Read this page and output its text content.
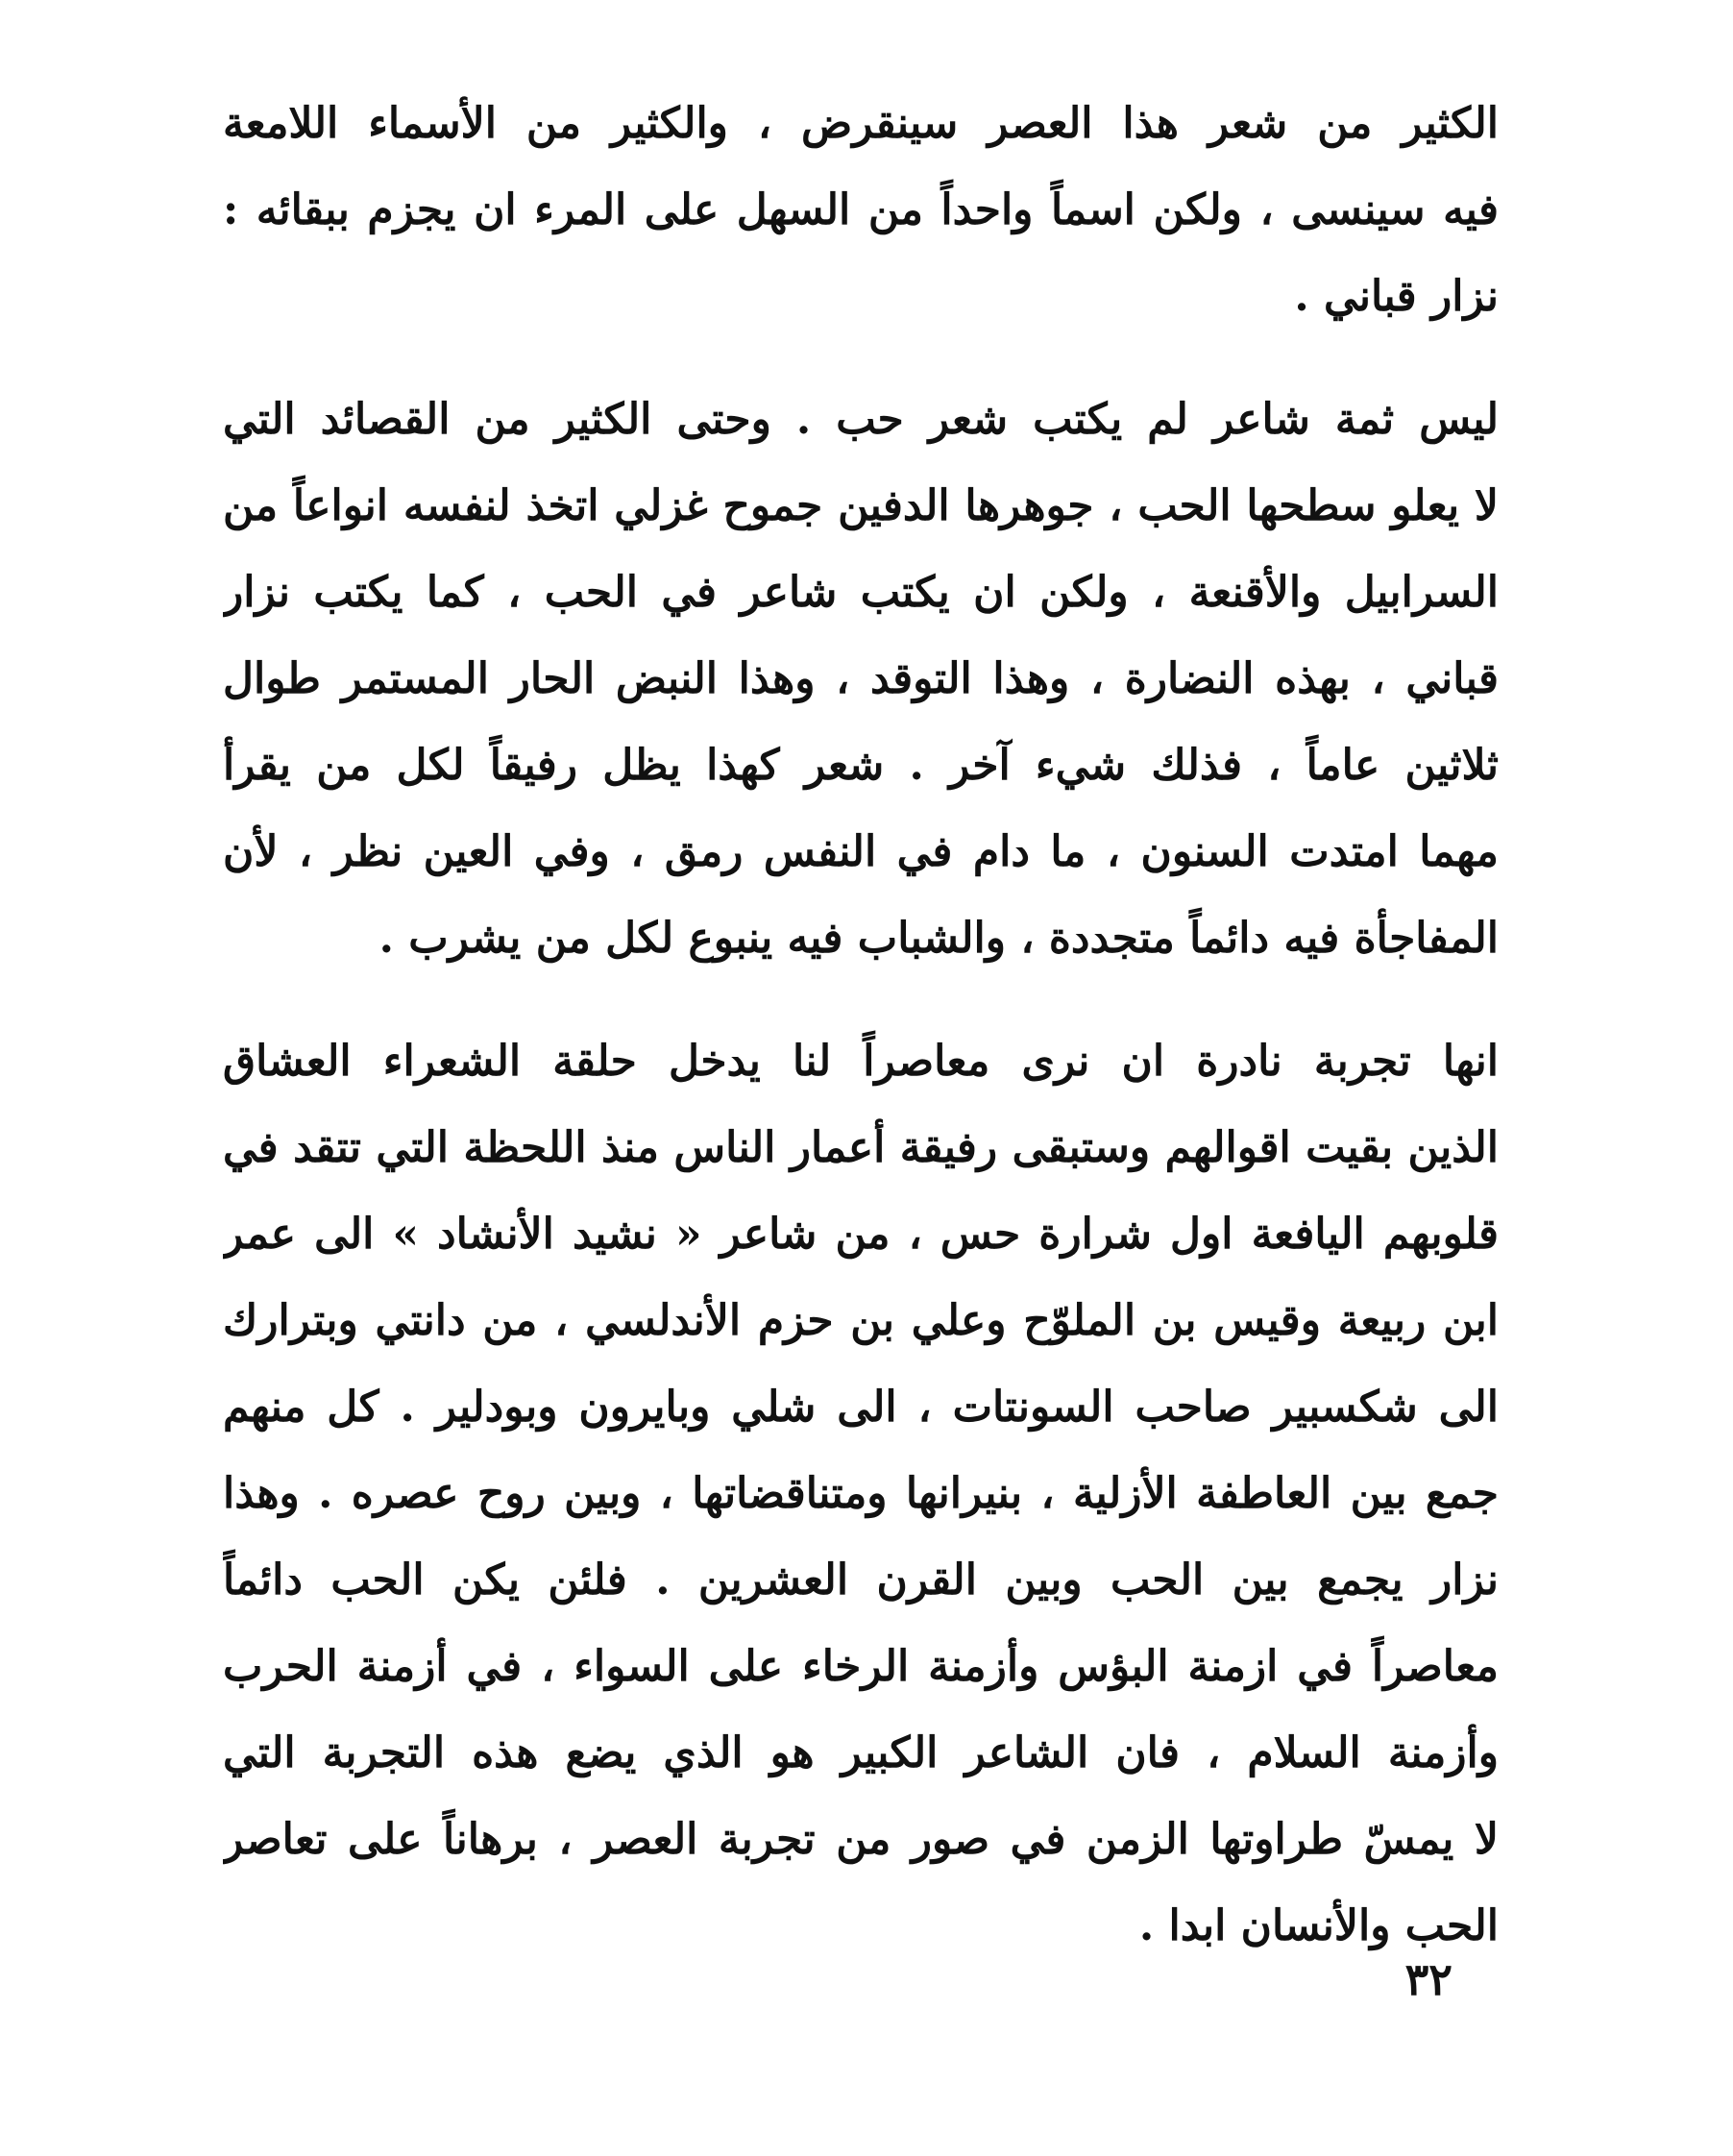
الكثير من شعر هذا العصر سينقرض ، والكثير من الأسماء اللامعة
فيه سينسى ، ولكن اسماً واحداً من السهل على المرء ان يجزم ببقائه :
نزار قباني .
ليس ثمة شاعر لم يكتب شعر حب . وحتى الكثير من القصائد التي
لا يعلو سطحها الحب ، جوهرها الدفين جموح غزلي اتخذ لنفسه انواعاً من
السرابيل والأقنعة ، ولكن ان يكتب شاعر في الحب ، كما يكتب نزار
قباني ، بهذه النضارة ، وهذا التوقد ، وهذا النبض الحار المستمر طوال
ثلاثين عاماً ، فذلك شيء آخر . شعر كهذا يظل رفيقاً لكل من يقرأ
مهما امتدت السنون ، ما دام في النفس رمق ، وفي العين نظر ، لأن
المفاجأة فيه دائماً متجددة ، والشباب فيه ينبوع لكل من يشرب .
انها تجربة نادرة ان نرى معاصراً لنا يدخل حلقة الشعراء العشاق
الذين بقيت اقوالهم وستبقى رفيقة أعمار الناس منذ اللحظة التي تتقد في
قلوبهم اليافعة اول شرارة حس ، من شاعر « نشيد الأنشاد » الى عمر
ابن ربيعة وقيس بن الملوّح وعلي بن حزم الأندلسي ، من دانتي وبترارك
الى شكسبير صاحب السونتات ، الى شلي وبايرون وبودلير . كل منهم
جمع بين العاطفة الأزلية ، بنيرانها ومتناقضاتها ، وبين روح عصره . وهذا
نزار يجمع بين الحب وبين القرن العشرين . فلئن يكن الحب دائماً
معاصراً في ازمنة البؤس وأزمنة الرخاء على السواء ، في أزمنة الحرب
وأزمنة السلام ، فان الشاعر الكبير هو الذي يضع هذه التجربة التي
لا يمسّ طراوتها الزمن في صور من تجربة العصر ، برهاناً على تعاصر
الحب والأنسان ابدا .
٣٢
